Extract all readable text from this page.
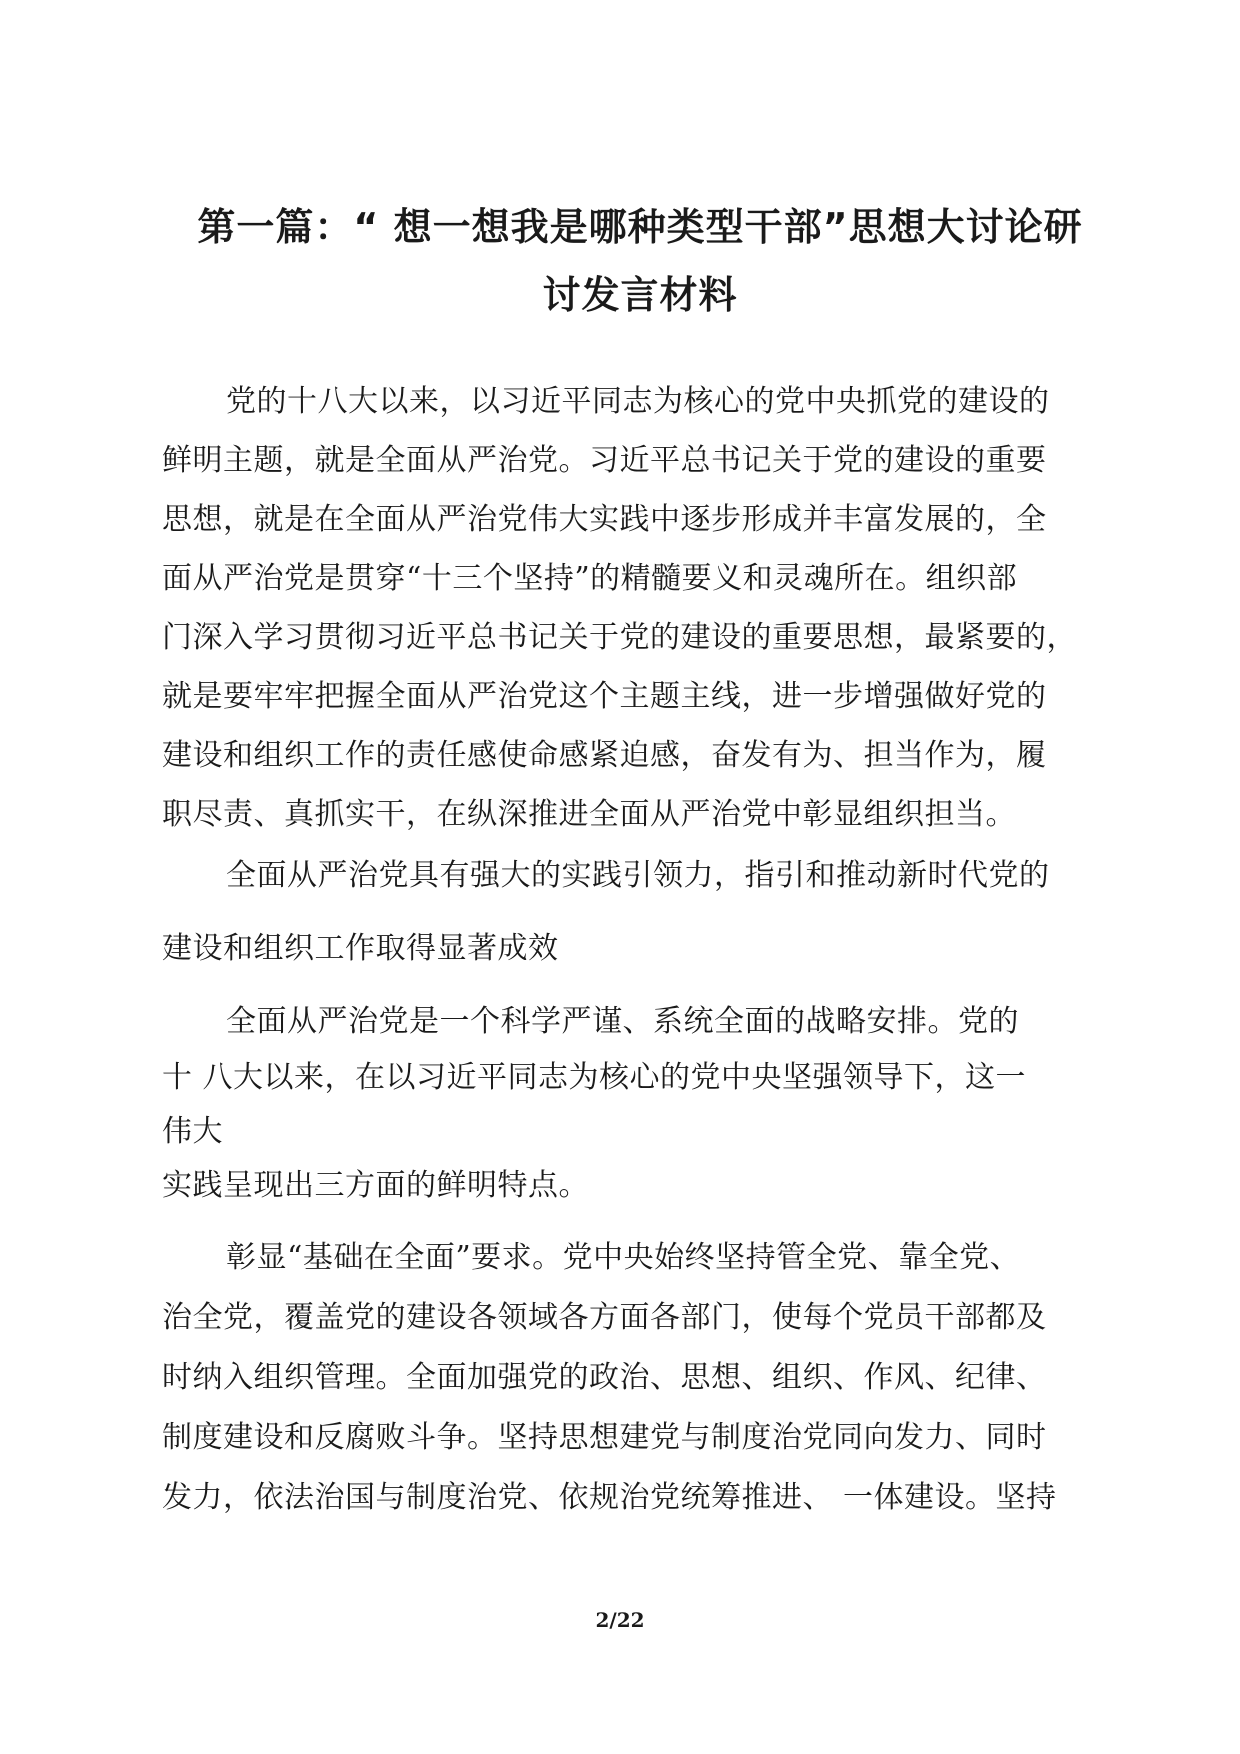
第一篇：“ 想一想我是哪种类型干部”思想大讨论研
讨发言材料
党的十八大以来，以习近平同志为核心的党中央抓党的建设的
鲜明主题，就是全面从严治党。习近平总书记关于党的建设的重要
思想，就是在全面从严治党伟大实践中逐步形成并丰富发展的，全
面从严治党是贯穿“十三个坚持”的精髓要义和灵魂所在。组织部
门深入学习贯彻习近平总书记关于党的建设的重要思想，最紧要的，
就是要牢牢把握全面从严治党这个主题主线，进一步增强做好党的
建设和组织工作的责任感使命感紧迫感，奋发有为、担当作为，履
职尽责、真抓实干，在纵深推进全面从严治党中彰显组织担当。
全面从严治党具有强大的实践引领力，指引和推动新时代党的
建设和组织工作取得显著成效
全面从严治党是一个科学严谨、系统全面的战略安排。党的
十 八大以来，在以习近平同志为核心的党中央坚强领导下，这一
伟大
实践呈现出三方面的鲜明特点。
彰显“基础在全面”要求。党中央始终坚持管全党、靠全党、
治全党，覆盖党的建设各领域各方面各部门，使每个党员干部都及
时纳入组织管理。全面加强党的政治、思想、组织、作风、纪律、
制度建设和反腐败斗争。坚持思想建党与制度治党同向发力、同时
发力，依法治国与制度治党、依规治党统筹推进、 一体建设。坚持
2/22
